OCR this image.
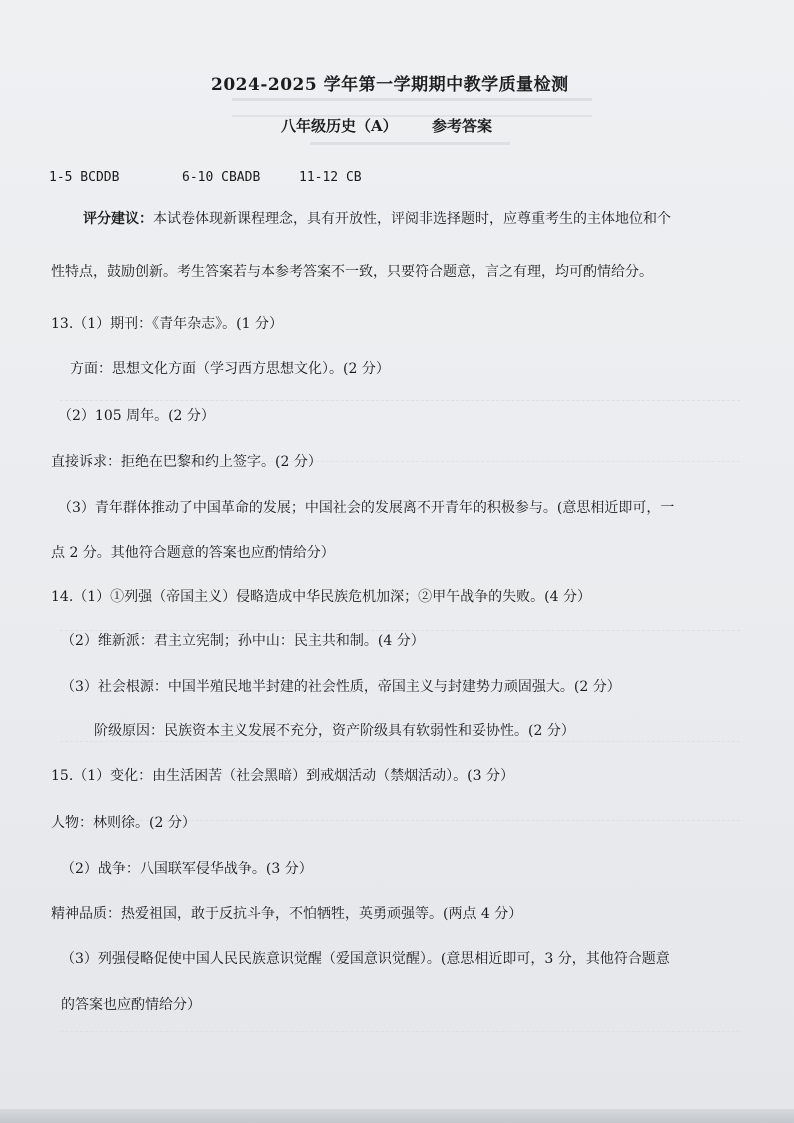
2024-2025 学年第一学期期中教学质量检测
八年级历史（A） 参考答案
1-5 BCDDB	6-10 CBADB	11-12 CB
评分建议：本试卷体现新课程理念，具有开放性，评阅非选择题时，应尊重考生的主体地位和个
性特点，鼓励创新。考生答案若与本参考答案不一致，只要符合题意，言之有理，均可酌情给分。
13.（1）期刊：《青年杂志》。(1 分）
方面：思想文化方面（学习西方思想文化）。(2 分）
（2）105 周年。(2 分）
直接诉求：拒绝在巴黎和约上签字。(2 分）
（3）青年群体推动了中国革命的发展；中国社会的发展离不开青年的积极参与。(意思相近即可，一
点 2 分。其他符合题意的答案也应酌情给分）
14.（1）①列强（帝国主义）侵略造成中华民族危机加深；②甲午战争的失败。(4 分）
（2）维新派：君主立宪制；孙中山：民主共和制。(4 分）
（3）社会根源：中国半殖民地半封建的社会性质，帝国主义与封建势力顽固强大。(2 分）
阶级原因：民族资本主义发展不充分，资产阶级具有软弱性和妥协性。(2 分）
15.（1）变化：由生活困苦（社会黑暗）到戒烟活动（禁烟活动）。(3 分）
人物：林则徐。(2 分）
（2）战争：八国联军侵华战争。(3 分）
精神品质：热爱祖国，敢于反抗斗争，不怕牺牲，英勇顽强等。(两点 4 分）
（3）列强侵略促使中国人民民族意识觉醒（爱国意识觉醒）。(意思相近即可，3 分，其他符合题意
的答案也应酌情给分）
